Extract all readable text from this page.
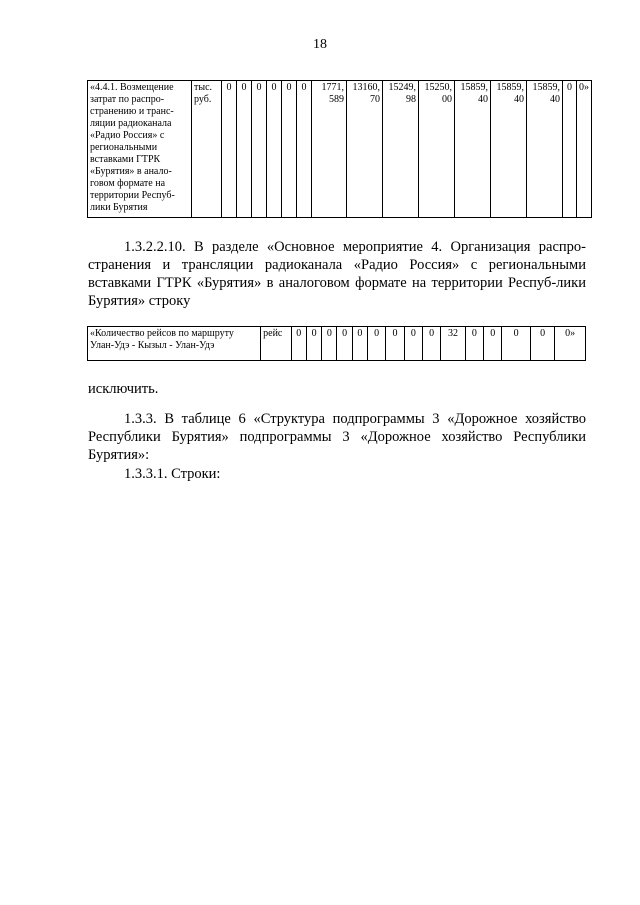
18
«4.4.1. Возмещение затрат по распро-странению и транс-ляции радиоканала «Радио Россия» с региональными вставками ГТРК «Бурятия» в анало-говом формате на территории Респуб-лики Бурятия	тыс. руб.	0	0	0	0	0	0	1771, 589	13160, 70	15249, 98	15250, 00	15859, 40	15859, 40	15859, 40	0	0»
1.3.2.2.10. В разделе «Основное мероприятие 4. Организация распро-странения и трансляции радиоканала «Радио Россия» с региональными вставками ГТРК «Бурятия» в аналоговом формате на территории Респуб-лики Бурятия» строку
«Количество рейсов по маршруту Улан-Удэ - Кызыл - Улан-Удэ	рейс	0	0	0	0	0	0	0	0	0	32	0	0	0	0	0»
исключить.
1.3.3. В таблице 6 «Структура подпрограммы 3 «Дорожное хозяйство Республики Бурятия» подпрограммы 3 «Дорожное хозяйство Республики Бурятия»:
1.3.3.1. Строки:
